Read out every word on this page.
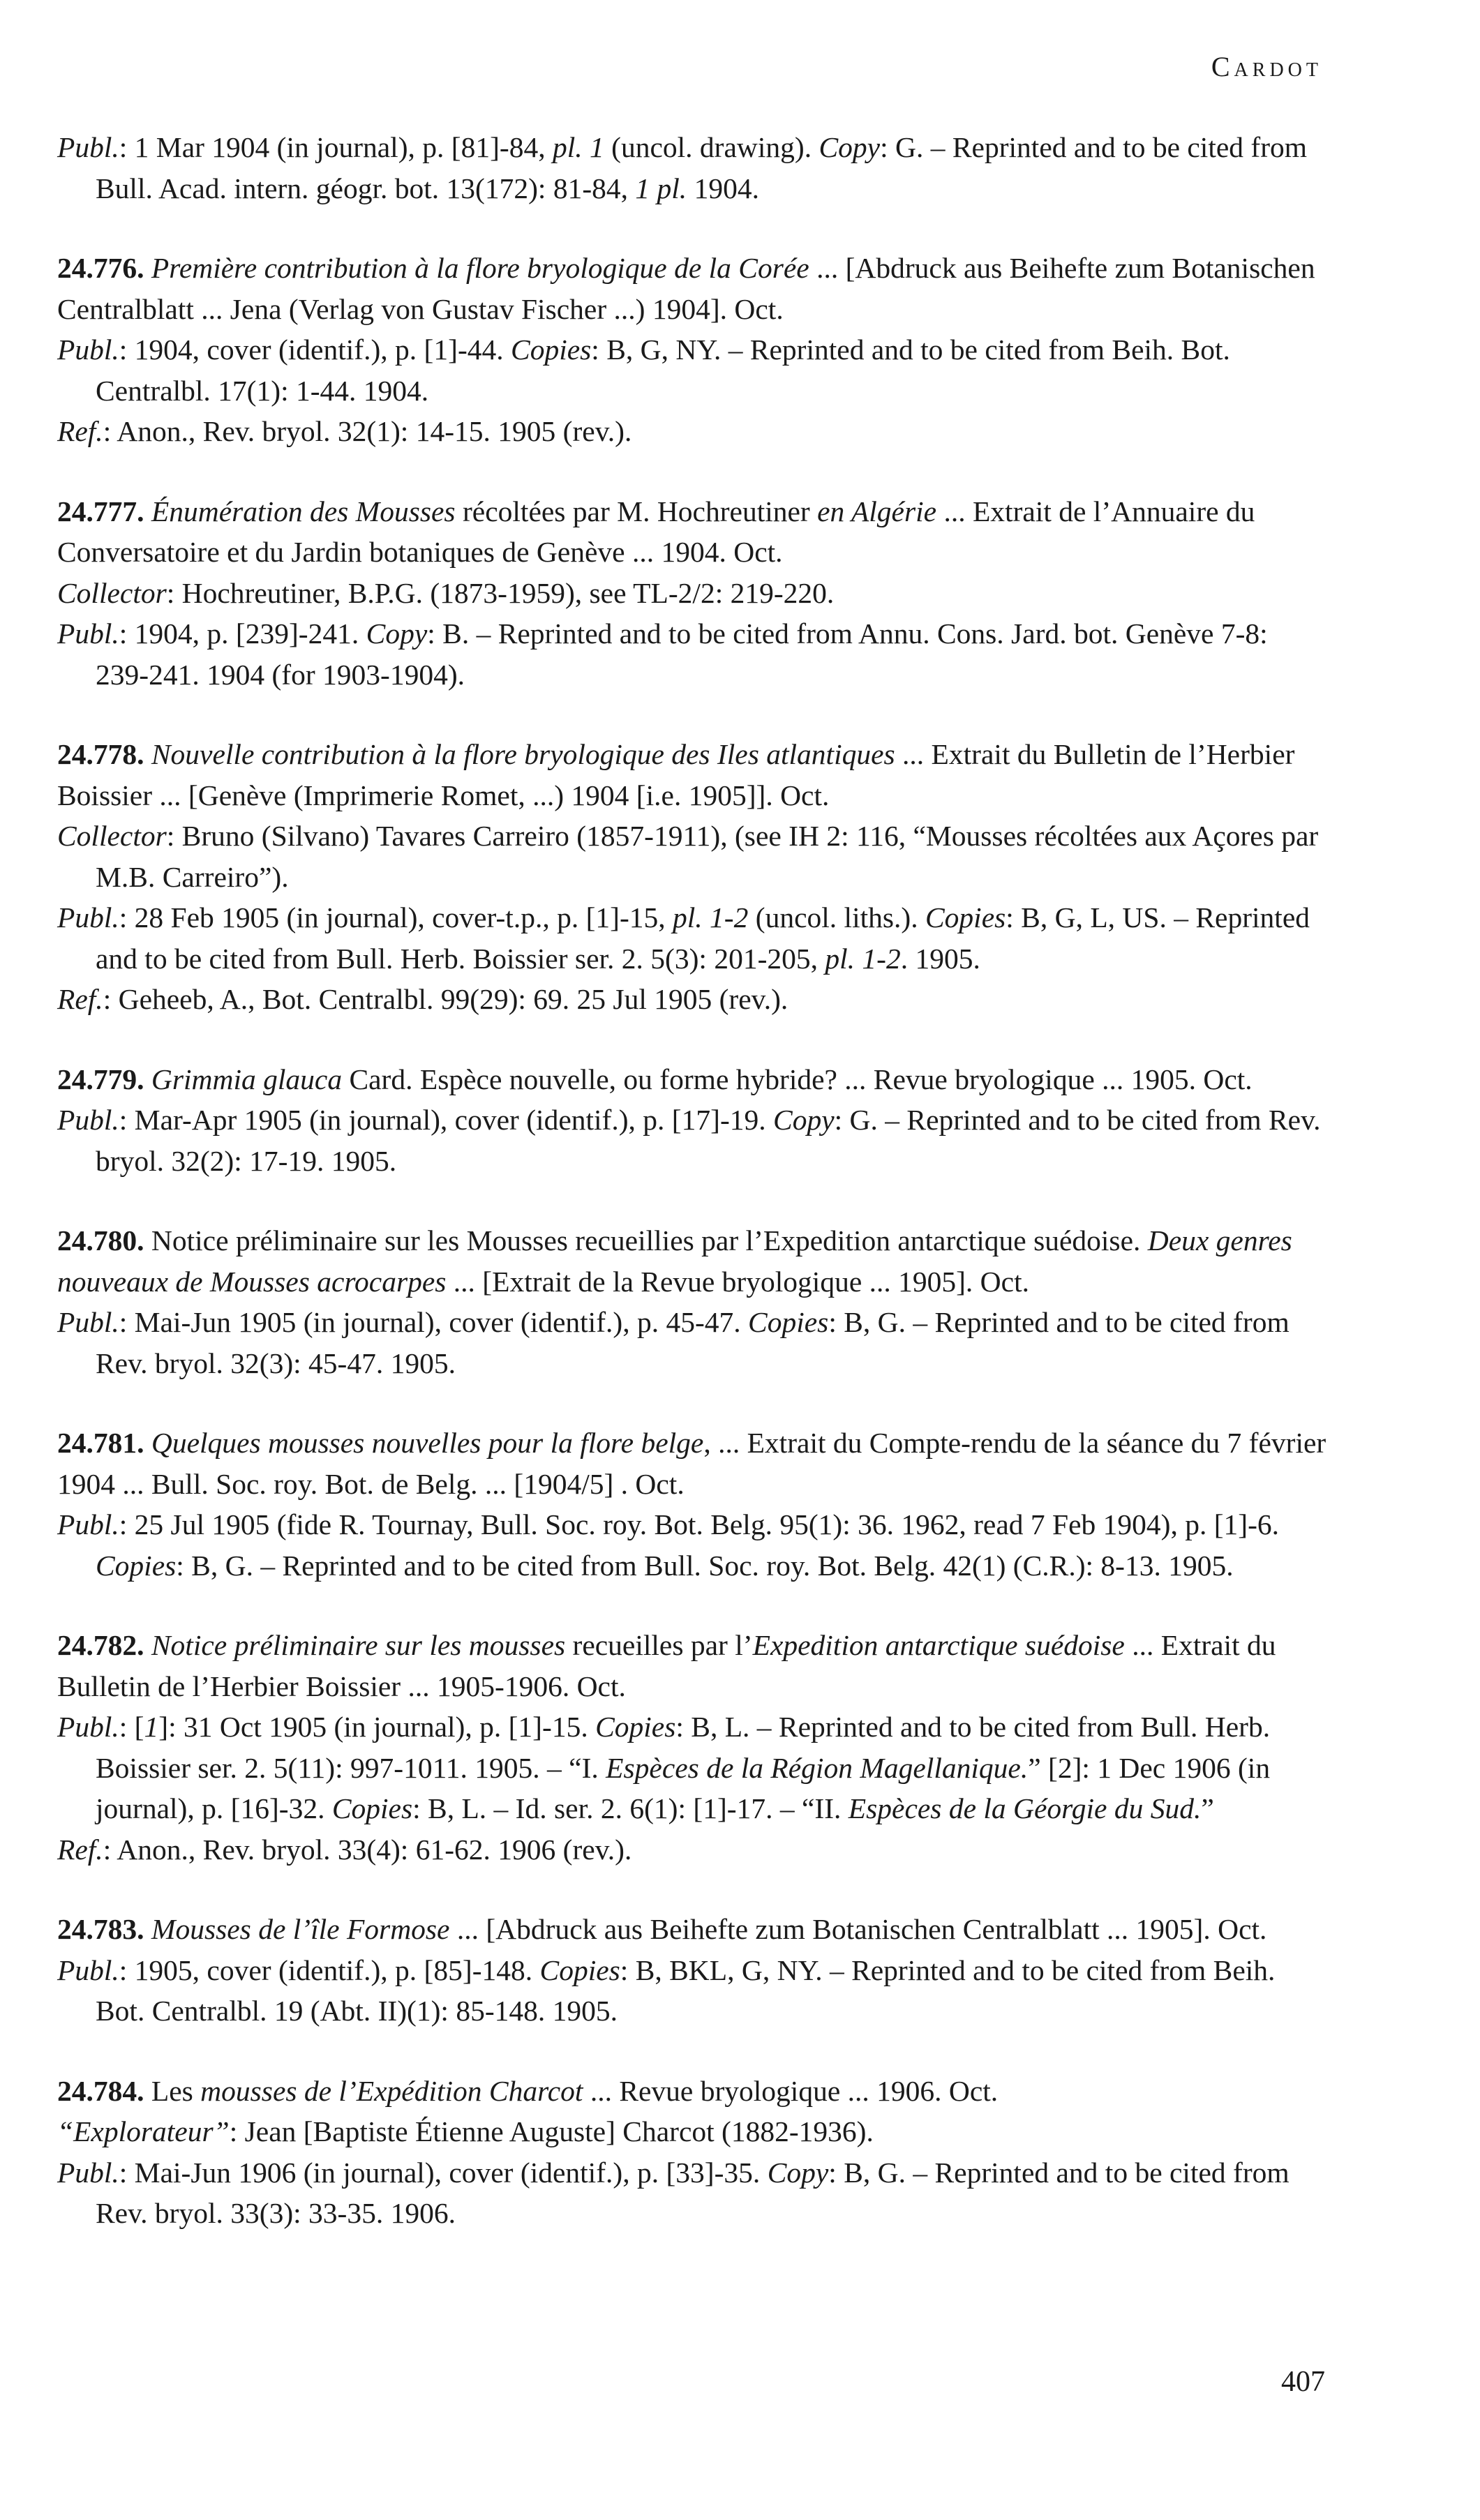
Cardot
Publ.: 1 Mar 1904 (in journal), p. [81]-84, pl. 1 (uncol. drawing). Copy: G. – Reprinted and to be cited from Bull. Acad. intern. géogr. bot. 13(172): 81-84, 1 pl. 1904.
24.776. Première contribution à la flore bryologique de la Corée ... [Abdruck aus Beihefte zum Botanischen Centralblatt ... Jena (Verlag von Gustav Fischer ...) 1904]. Oct.
Publ.: 1904, cover (identif.), p. [1]-44. Copies: B, G, NY. – Reprinted and to be cited from Beih. Bot. Centralbl. 17(1): 1-44. 1904.
Ref.: Anon., Rev. bryol. 32(1): 14-15. 1905 (rev.).
24.777. Énumération des Mousses récoltées par M. Hochreutiner en Algérie ... Extrait de l’Annuaire du Conversatoire et du Jardin botaniques de Genève ... 1904. Oct.
Collector: Hochreutiner, B.P.G. (1873-1959), see TL-2/2: 219-220.
Publ.: 1904, p. [239]-241. Copy: B. – Reprinted and to be cited from Annu. Cons. Jard. bot. Genève 7-8: 239-241. 1904 (for 1903-1904).
24.778. Nouvelle contribution à la flore bryologique des Iles atlantiques ... Extrait du Bulletin de l’Herbier Boissier ... [Genève (Imprimerie Romet, ...) 1904 [i.e. 1905]]. Oct.
Collector: Bruno (Silvano) Tavares Carreiro (1857-1911), (see IH 2: 116, “Mousses récoltées aux Açores par M.B. Carreiro”).
Publ.: 28 Feb 1905 (in journal), cover-t.p., p. [1]-15, pl. 1-2 (uncol. liths.). Copies: B, G, L, US. – Reprinted and to be cited from Bull. Herb. Boissier ser. 2. 5(3): 201-205, pl. 1-2. 1905.
Ref.: Geheeb, A., Bot. Centralbl. 99(29): 69. 25 Jul 1905 (rev.).
24.779. Grimmia glauca Card. Espèce nouvelle, ou forme hybride? ... Revue bryologique ... 1905. Oct.
Publ.: Mar-Apr 1905 (in journal), cover (identif.), p. [17]-19. Copy: G. – Reprinted and to be cited from Rev. bryol. 32(2): 17-19. 1905.
24.780. Notice préliminaire sur les Mousses recueillies par l’Expedition antarctique suédoise. Deux genres nouveaux de Mousses acrocarpes ... [Extrait de la Revue bryologique ... 1905]. Oct.
Publ.: Mai-Jun 1905 (in journal), cover (identif.), p. 45-47. Copies: B, G. – Reprinted and to be cited from Rev. bryol. 32(3): 45-47. 1905.
24.781. Quelques mousses nouvelles pour la flore belge, ... Extrait du Compte-rendu de la séance du 7 février 1904 ... Bull. Soc. roy. Bot. de Belg. ... [1904/5] . Oct.
Publ.: 25 Jul 1905 (fide R. Tournay, Bull. Soc. roy. Bot. Belg. 95(1): 36. 1962, read 7 Feb 1904), p. [1]-6. Copies: B, G. – Reprinted and to be cited from Bull. Soc. roy. Bot. Belg. 42(1) (C.R.): 8-13. 1905.
24.782. Notice préliminaire sur les mousses recueilles par l’Expedition antarctique suédoise ... Extrait du Bulletin de l’Herbier Boissier ... 1905-1906. Oct.
Publ.: [1]: 31 Oct 1905 (in journal), p. [1]-15. Copies: B, L. – Reprinted and to be cited from Bull. Herb. Boissier ser. 2. 5(11): 997-1011. 1905. – “I. Espèces de la Région Magellanique.” [2]: 1 Dec 1906 (in journal), p. [16]-32. Copies: B, L. – Id. ser. 2. 6(1): [1]-17. – “II. Espèces de la Géorgie du Sud.”
Ref.: Anon., Rev. bryol. 33(4): 61-62. 1906 (rev.).
24.783. Mousses de l’île Formose ... [Abdruck aus Beihefte zum Botanischen Centralblatt ... 1905]. Oct.
Publ.: 1905, cover (identif.), p. [85]-148. Copies: B, BKL, G, NY. – Reprinted and to be cited from Beih. Bot. Centralbl. 19 (Abt. II)(1): 85-148. 1905.
24.784. Les mousses de l’Expédition Charcot ... Revue bryologique ... 1906. Oct.
“Explorateur”: Jean [Baptiste Étienne Auguste] Charcot (1882-1936).
Publ.: Mai-Jun 1906 (in journal), cover (identif.), p. [33]-35. Copy: B, G. – Reprinted and to be cited from Rev. bryol. 33(3): 33-35. 1906.
407
